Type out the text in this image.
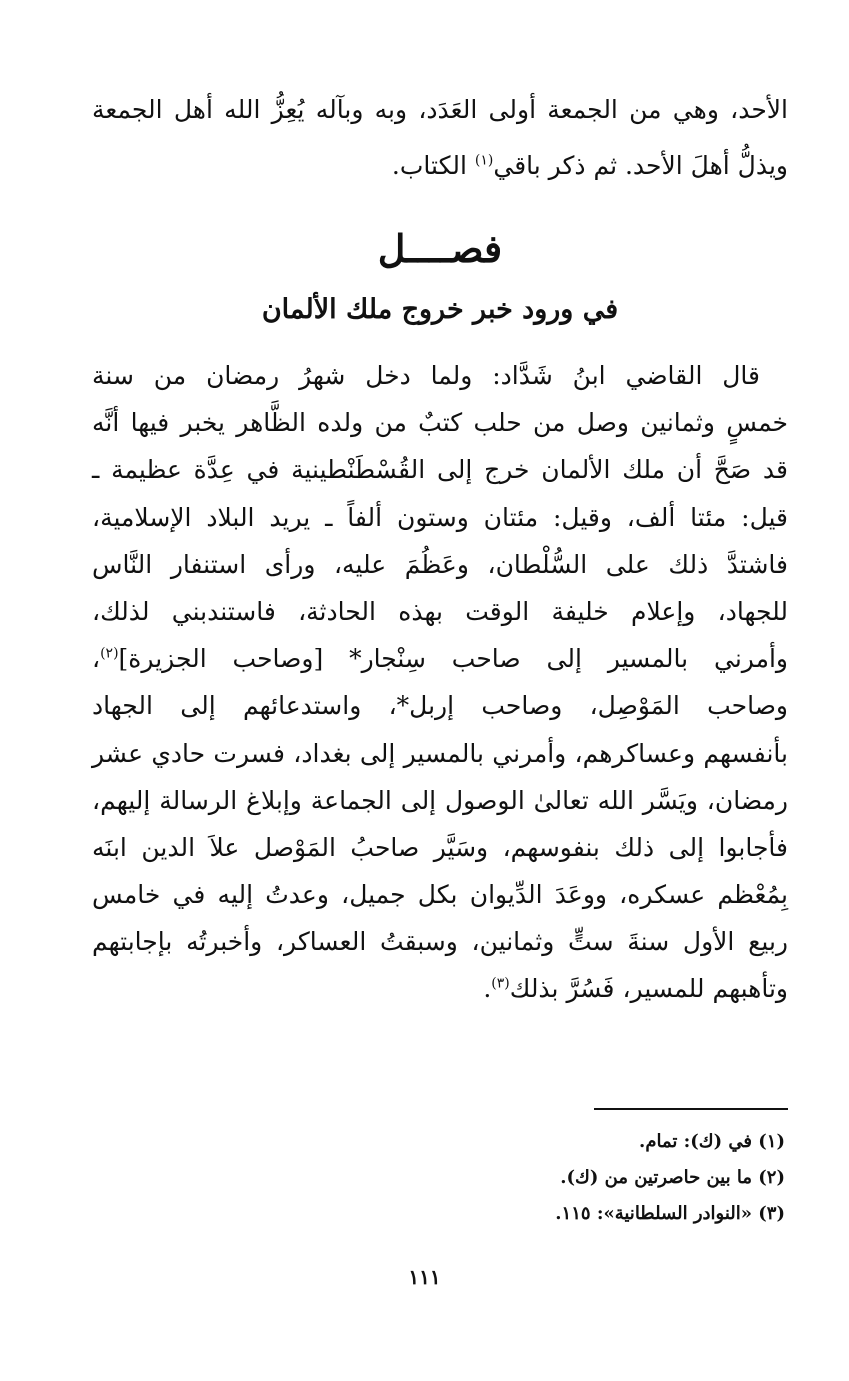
الأحد، وهي من الجمعة أولى العَدَد، وبه وبآله يُعِزُّ الله أهل الجمعة
ويذلُّ أهلَ الأحد. ثم ذكر باقي$^{(١)}$ الكتاب.
فصــــل
في ورود خبر خروج ملك الألمان
قال القاضي ابنُ شَدَّاد: ولما دخل شهرُ رمضان من سنة
خمسٍ وثمانين وصل من حلب كتبٌ من ولده الظَّاهر يخبر فيها أنَّه
قد صَحَّ أن ملك الألمان خرج إلى القُسْطَنْطينية في عِدَّة عظيمة ـ
قيل: مئتا ألف، وقيل: مئتان وستون ألفاً ـ يريد البلاد الإسلامية،
فاشتدَّ ذلك على السُّلْطان، وعَظُمَ عليه، ورأى استنفار النَّاس
للجهاد، وإعلام خليفة الوقت بهذه الحادثة، فاستندبني لذلك،
وأمرني بالمسير إلى صاحب سِنْجار* [وصاحب الجزيرة]$^{(٢)}$،
وصاحب المَوْصِل، وصاحب إربل*، واستدعائهم إلى الجهاد
بأنفسهم وعساكرهم، وأمرني بالمسير إلى بغداد، فسرت حادي عشر
رمضان، ويَسَّر الله تعالىٰ الوصول إلى الجماعة وإبلاغ الرسالة إليهم،
فأجابوا إلى ذلك بنفوسهم، وسَيَّر صاحبُ المَوْصل علاَ الدين ابنَه
بِمُعْظم عسكره، ووعَدَ الدِّيوان بكل جميل، وعدتُ إليه في خامس
ربيع الأول سنةَ ستٍّ وثمانين، وسبقتُ العساكر، وأخبرتُه بإجابتهم
وتأهبهم للمسير، فَسُرَّ بذلك$^{(٣)}$.
(١) في (ك): تمام.
(٢) ما بين حاصرتين من (ك).
(٣) «النوادر السلطانية»: ١١٥.
١١١
